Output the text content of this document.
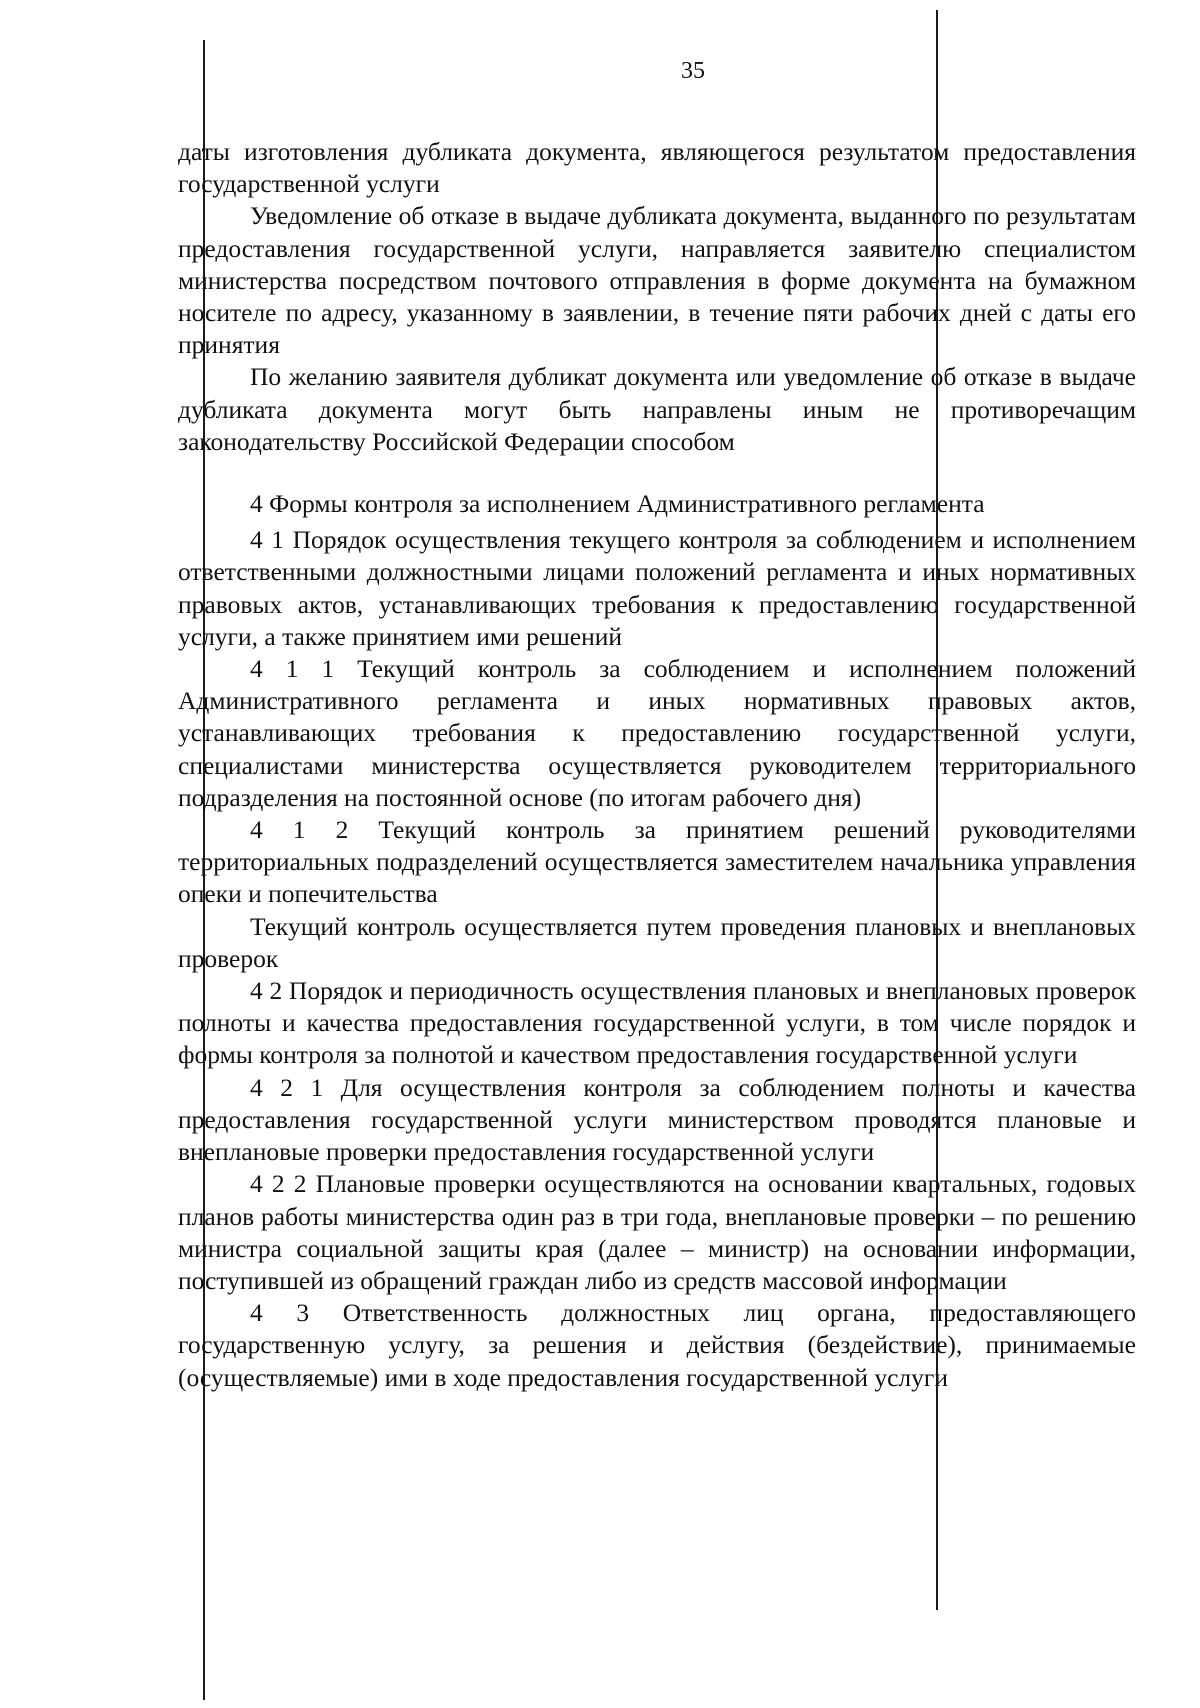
35

даты изготовления дубликата документа, являющегося результатом предоставления государственной услуги

Уведомление об отказе в выдаче дубликата документа, выданного по результатам предоставления государственной услуги, направляется заявителю специалистом министерства посредством почтового отправления в форме документа на бумажном носителе по адресу, указанному в заявлении, в течение пяти рабочих дней с даты его принятия

По желанию заявителя дубликат документа или уведомление об отказе в выдаче дубликата документа могут быть направлены иным не противоречащим законодательству Российской Федерации способом

4 Формы контроля за исполнением Административного регламента

4 1 Порядок осуществления текущего контроля за соблюдением и исполнением ответственными должностными лицами положений регламента и иных нормативных правовых актов, устанавливающих требования к предоставлению государственной услуги, а также принятием ими решений

4 1 1 Текущий контроль за соблюдением и исполнением положений Административного регламента и иных нормативных правовых актов, устанавливающих требования к предоставлению государственной услуги, специалистами министерства осуществляется руководителем территориального подразделения на постоянной основе (по итогам рабочего дня)

4 1 2 Текущий контроль за принятием решений руководителями территориальных подразделений осуществляется заместителем начальника управления опеки и попечительства

Текущий контроль осуществляется путем проведения плановых и внеплановых проверок

4 2 Порядок и периодичность осуществления плановых и внеплановых проверок полноты и качества предоставления государственной услуги, в том числе порядок и формы контроля за полнотой и качеством предоставления государственной услуги

4 2 1 Для осуществления контроля за соблюдением полноты и качества предоставления государственной услуги министерством проводятся плановые и внеплановые проверки предоставления государственной услуги

4 2 2 Плановые проверки осуществляются на основании квартальных, годовых планов работы министерства один раз в три года, внеплановые проверки – по решению министра социальной защиты края (далее – министр) на основании информации, поступившей из обращений граждан либо из средств массовой информации

4 3 Ответственность должностных лиц органа, предоставляющего государственную услугу, за решения и действия (бездействие), принимаемые (осуществляемые) ими в ходе предоставления государственной услуги
